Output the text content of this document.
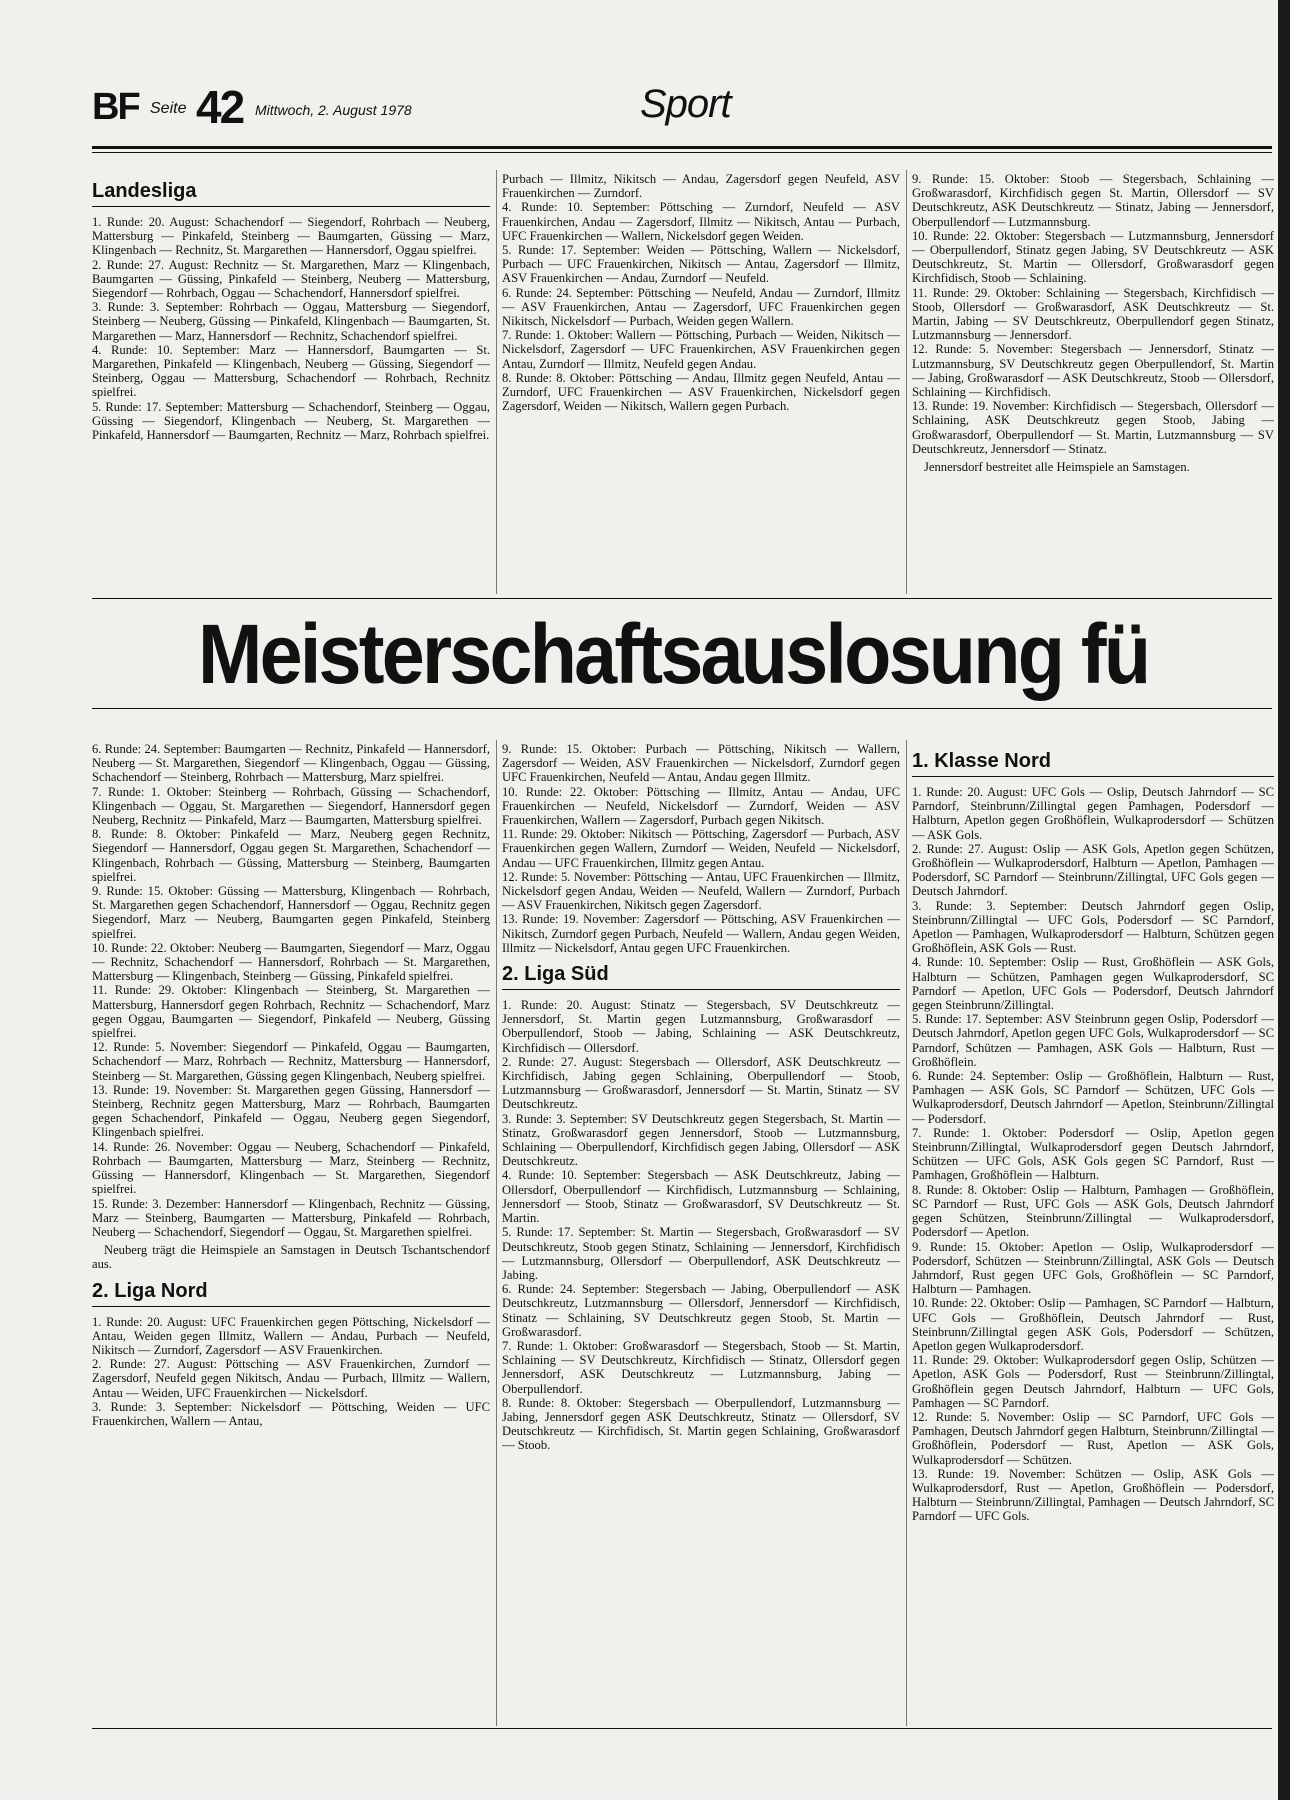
BF Seite 42 Mittwoch, 2. August 1978	Sport
Landesliga

1. Runde: 20. August: Schachendorf — Siegendorf, Rohrbach — Neuberg, Mattersburg — Pinkafeld, Steinberg — Baumgarten, Güssing — Marz, Klingenbach — Rechnitz, St. Margarethen — Hannersdorf, Oggau spielfrei.
2. Runde: 27. August: Rechnitz — St. Margarethen, Marz — Klingenbach, Baumgarten — Güssing, Pinkafeld — Steinberg, Neuberg — Mattersburg, Siegendorf — Rohrbach, Oggau — Schachendorf, Hannersdorf spielfrei.
3. Runde: 3. September: Rohrbach — Oggau, Mattersburg — Siegendorf, Steinberg — Neuberg, Güssing — Pinkafeld, Klingenbach — Baumgarten, St. Margarethen — Marz, Hannersdorf — Rechnitz, Schachendorf spielfrei.
4. Runde: 10. September: Marz — Hannersdorf, Baumgarten — St. Margarethen, Pinkafeld — Klingenbach, Neuberg — Güssing, Siegendorf — Steinberg, Oggau — Mattersburg, Schachendorf — Rohrbach, Rechnitz spielfrei.
5. Runde: 17. September: Mattersburg — Schachendorf, Steinberg — Oggau, Güssing — Siegendorf, Klingenbach — Neuberg, St. Margarethen — Pinkafeld, Hannersdorf — Baumgarten, Rechnitz — Marz, Rohrbach spielfrei.

Purbach — Illmitz, Nikitsch — Andau, Zagersdorf gegen Neufeld, ASV Frauenkirchen — Zurndorf.
4. Runde: 10. September: Pöttsching — Zurndorf, Neufeld — ASV Frauenkirchen, Andau — Zagersdorf, Illmitz — Nikitsch, Antau — Purbach, UFC Frauenkirchen — Wallern, Nickelsdorf gegen Weiden.
5. Runde: 17. September: Weiden — Pöttsching, Wallern — Nickelsdorf, Purbach — UFC Frauenkirchen, Nikitsch — Antau, Zagersdorf — Illmitz, ASV Frauenkirchen — Andau, Zurndorf — Neufeld.
6. Runde: 24. September: Pöttsching — Neufeld, Andau — Zurndorf, Illmitz — ASV Frauenkirchen, Antau — Zagersdorf, UFC Frauenkirchen gegen Nikitsch, Nickelsdorf — Purbach, Weiden gegen Wallern.
7. Runde: 1. Oktober: Wallern — Pöttsching, Purbach — Weiden, Nikitsch — Nickelsdorf, Zagersdorf — UFC Frauenkirchen, ASV Frauenkirchen gegen Antau, Zurndorf — Illmitz, Neufeld gegen Andau.
8. Runde: 8. Oktober: Pöttsching — Andau, Illmitz gegen Neufeld, Antau — Zurndorf, UFC Frauenkirchen — ASV Frauenkirchen, Nickelsdorf gegen Zagersdorf, Weiden — Nikitsch, Wallern gegen Purbach.

9. Runde: 15. Oktober: Stoob — Stegersbach, Schlaining — Großwarasdorf, Kirchfidisch gegen St. Martin, Ollersdorf — SV Deutschkreutz, ASK Deutschkreutz — Stinatz, Jabing — Jennersdorf, Oberpullendorf — Lutzmannsburg.
10. Runde: 22. Oktober: Stegersbach — Lutzmannsburg, Jennersdorf — Oberpullendorf, Stinatz gegen Jabing, SV Deutschkreutz — ASK Deutschkreutz, St. Martin — Ollersdorf, Großwarasdorf gegen Kirchfidisch, Stoob — Schlaining.
11. Runde: 29. Oktober: Schlaining — Stegersbach, Kirchfidisch — Stoob, Ollersdorf — Großwarasdorf, ASK Deutschkreutz — St. Martin, Jabing — SV Deutschkreutz, Oberpullendorf gegen Stinatz, Lutzmannsburg — Jennersdorf.
12. Runde: 5. November: Stegersbach — Jennersdorf, Stinatz — Lutzmannsburg, SV Deutschkreutz gegen Oberpullendorf, St. Martin — Jabing, Großwarasdorf — ASK Deutschkreutz, Stoob — Ollersdorf, Schlaining — Kirchfidisch.
13. Runde: 19. November: Kirchfidisch — Stegersbach, Ollersdorf — Schlaining, ASK Deutschkreutz gegen Stoob, Jabing — Großwarasdorf, Oberpullendorf — St. Martin, Lutzmannsburg — SV Deutschkreutz, Jennersdorf — Stinatz.

Jennersdorf bestreitet alle Heimspiele an Samstagen.

Meisterschaftsauslosung fü

6. Runde: 24. September: Baumgarten — Rechnitz, Pinkafeld — Hannersdorf, Neuberg — St. Margarethen, Siegendorf — Klingenbach, Oggau — Güssing, Schachendorf — Steinberg, Rohrbach — Mattersburg, Marz spielfrei.
7. Runde: 1. Oktober: Steinberg — Rohrbach, Güssing — Schachendorf, Klingenbach — Oggau, St. Margarethen — Siegendorf, Hannersdorf gegen Neuberg, Rechnitz — Pinkafeld, Marz — Baumgarten, Mattersburg spielfrei.
8. Runde: 8. Oktober: Pinkafeld — Marz, Neuberg gegen Rechnitz, Siegendorf — Hannersdorf, Oggau gegen St. Margarethen, Schachendorf — Klingenbach, Rohrbach — Güssing, Mattersburg — Steinberg, Baumgarten spielfrei.
9. Runde: 15. Oktober: Güssing — Mattersburg, Klingenbach — Rohrbach, St. Margarethen gegen Schachendorf, Hannersdorf — Oggau, Rechnitz gegen Siegendorf, Marz — Neuberg, Baumgarten gegen Pinkafeld, Steinberg spielfrei.
10. Runde: 22. Oktober: Neuberg — Baumgarten, Siegendorf — Marz, Oggau — Rechnitz, Schachendorf — Hannersdorf, Rohrbach — St. Margarethen, Mattersburg — Klingenbach, Steinberg — Güssing, Pinkafeld spielfrei.
11. Runde: 29. Oktober: Klingenbach — Steinberg, St. Margarethen — Mattersburg, Hannersdorf gegen Rohrbach, Rechnitz — Schachendorf, Marz gegen Oggau, Baumgarten — Siegendorf, Pinkafeld — Neuberg, Güssing spielfrei.
12. Runde: 5. November: Siegendorf — Pinkafeld, Oggau — Baumgarten, Schachendorf — Marz, Rohrbach — Rechnitz, Mattersburg — Hannersdorf, Steinberg — St. Margarethen, Güssing gegen Klingenbach, Neuberg spielfrei.
13. Runde: 19. November: St. Margarethen gegen Güssing, Hannersdorf — Steinberg, Rechnitz gegen Mattersburg, Marz — Rohrbach, Baumgarten gegen Schachendorf, Pinkafeld — Oggau, Neuberg gegen Siegendorf, Klingenbach spielfrei.
14. Runde: 26. November: Oggau — Neuberg, Schachendorf — Pinkafeld, Rohrbach — Baumgarten, Mattersburg — Marz, Steinberg — Rechnitz, Güssing — Hannersdorf, Klingenbach — St. Margarethen, Siegendorf spielfrei.
15. Runde: 3. Dezember: Hannersdorf — Klingenbach, Rechnitz — Güssing, Marz — Steinberg, Baumgarten — Mattersburg, Pinkafeld — Rohrbach, Neuberg — Schachendorf, Siegendorf — Oggau, St. Margarethen spielfrei.

Neuberg trägt die Heimspiele an Samstagen in Deutsch Tschantschendorf aus.

2. Liga Nord

1. Runde: 20. August: UFC Frauenkirchen gegen Pöttsching, Nickelsdorf — Antau, Weiden gegen Illmitz, Wallern — Andau, Purbach — Neufeld, Nikitsch — Zurndorf, Zagersdorf — ASV Frauenkirchen.
2. Runde: 27. August: Pöttsching — ASV Frauenkirchen, Zurndorf — Zagersdorf, Neufeld gegen Nikitsch, Andau — Purbach, Illmitz — Wallern, Antau — Weiden, UFC Frauenkirchen — Nickelsdorf.
3. Runde: 3. September: Nickelsdorf — Pöttsching, Weiden — UFC Frauenkirchen, Wallern — Antau,

9. Runde: 15. Oktober: Purbach — Pöttsching, Nikitsch — Wallern, Zagersdorf — Weiden, ASV Frauenkirchen — Nickelsdorf, Zurndorf gegen UFC Frauenkirchen, Neufeld — Antau, Andau gegen Illmitz.
10. Runde: 22. Oktober: Pöttsching — Illmitz, Antau — Andau, UFC Frauenkirchen — Neufeld, Nickelsdorf — Zurndorf, Weiden — ASV Frauenkirchen, Wallern — Zagersdorf, Purbach gegen Nikitsch.
11. Runde: 29. Oktober: Nikitsch — Pöttsching, Zagersdorf — Purbach, ASV Frauenkirchen gegen Wallern, Zurndorf — Weiden, Neufeld — Nickelsdorf, Andau — UFC Frauenkirchen, Illmitz gegen Antau.
12. Runde: 5. November: Pöttsching — Antau, UFC Frauenkirchen — Illmitz, Nickelsdorf gegen Andau, Weiden — Neufeld, Wallern — Zurndorf, Purbach — ASV Frauenkirchen, Nikitsch gegen Zagersdorf.
13. Runde: 19. November: Zagersdorf — Pöttsching, ASV Frauenkirchen — Nikitsch, Zurndorf gegen Purbach, Neufeld — Wallern, Andau gegen Weiden, Illmitz — Nickelsdorf, Antau gegen UFC Frauenkirchen.

2. Liga Süd

1. Runde: 20. August: Stinatz — Stegersbach, SV Deutschkreutz — Jennersdorf, St. Martin gegen Lutzmannsburg, Großwarasdorf — Oberpullendorf, Stoob — Jabing, Schlaining — ASK Deutschkreutz, Kirchfidisch — Ollersdorf.
2. Runde: 27. August: Stegersbach — Ollersdorf, ASK Deutschkreutz — Kirchfidisch, Jabing gegen Schlaining, Oberpullendorf — Stoob, Lutzmannsburg — Großwarasdorf, Jennersdorf — St. Martin, Stinatz — SV Deutschkreutz.
3. Runde: 3. September: SV Deutschkreutz gegen Stegersbach, St. Martin — Stinatz, Großwarasdorf gegen Jennersdorf, Stoob — Lutzmannsburg, Schlaining — Oberpullendorf, Kirchfidisch gegen Jabing, Ollersdorf — ASK Deutschkreutz.
4. Runde: 10. September: Stegersbach — ASK Deutschkreutz, Jabing — Ollersdorf, Oberpullendorf — Kirchfidisch, Lutzmannsburg — Schlaining, Jennersdorf — Stoob, Stinatz — Großwarasdorf, SV Deutschkreutz — St. Martin.
5. Runde: 17. September: St. Martin — Stegersbach, Großwarasdorf — SV Deutschkreutz, Stoob gegen Stinatz, Schlaining — Jennersdorf, Kirchfidisch — Lutzmannsburg, Ollersdorf — Oberpullendorf, ASK Deutschkreutz — Jabing.
6. Runde: 24. September: Stegersbach — Jabing, Oberpullendorf — ASK Deutschkreutz, Lutzmannsburg — Ollersdorf, Jennersdorf — Kirchfidisch, Stinatz — Schlaining, SV Deutschkreutz gegen Stoob, St. Martin — Großwarasdorf.
7. Runde: 1. Oktober: Großwarasdorf — Stegersbach, Stoob — St. Martin, Schlaining — SV Deutschkreutz, Kirchfidisch — Stinatz, Ollersdorf gegen Jennersdorf, ASK Deutschkreutz — Lutzmannsburg, Jabing — Oberpullendorf.
8. Runde: 8. Oktober: Stegersbach — Oberpullendorf, Lutzmannsburg — Jabing, Jennersdorf gegen ASK Deutschkreutz, Stinatz — Ollersdorf, SV Deutschkreutz — Kirchfidisch, St. Martin gegen Schlaining, Großwarasdorf — Stoob.

1. Klasse Nord

1. Runde: 20. August: UFC Gols — Oslip, Deutsch Jahrndorf — SC Parndorf, Steinbrunn/Zillingtal gegen Pamhagen, Podersdorf — Halbturn, Apetlon gegen Großhöflein, Wulkaprodersdorf — Schützen — ASK Gols.
2. Runde: 27. August: Oslip — ASK Gols, Apetlon gegen Schützen, Großhöflein — Wulkaprodersdorf, Halbturn — Apetlon, Pamhagen — Podersdorf, SC Parndorf — Steinbrunn/Zillingtal, UFC Gols gegen — Deutsch Jahrndorf.
3. Runde: 3. September: Deutsch Jahrndorf gegen Oslip, Steinbrunn/Zillingtal — UFC Gols, Podersdorf — SC Parndorf, Apetlon — Pamhagen, Wulkaprodersdorf — Halbturn, Schützen gegen Großhöflein, ASK Gols — Rust.
4. Runde: 10. September: Oslip — Rust, Großhöflein — ASK Gols, Halbturn — Schützen, Pamhagen gegen Wulkaprodersdorf, SC Parndorf — Apetlon, UFC Gols — Podersdorf, Deutsch Jahrndorf gegen Steinbrunn/Zillingtal.
5. Runde: 17. September: ASV Steinbrunn gegen Oslip, Podersdorf — Deutsch Jahrndorf, Apetlon gegen UFC Gols, Wulkaprodersdorf — SC Parndorf, Schützen — Pamhagen, ASK Gols — Halbturn, Rust — Großhöflein.
6. Runde: 24. September: Oslip — Großhöflein, Halbturn — Rust, Pamhagen — ASK Gols, SC Parndorf — Schützen, UFC Gols — Wulkaprodersdorf, Deutsch Jahrndorf — Apetlon, Steinbrunn/Zillingtal — Podersdorf.
7. Runde: 1. Oktober: Podersdorf — Oslip, Apetlon gegen Steinbrunn/Zillingtal, Wulkaprodersdorf gegen Deutsch Jahrndorf, Schützen — UFC Gols, ASK Gols gegen SC Parndorf, Rust — Pamhagen, Großhöflein — Halbturn.
8. Runde: 8. Oktober: Oslip — Halbturn, Pamhagen — Großhöflein, SC Parndorf — Rust, UFC Gols — ASK Gols, Deutsch Jahrndorf gegen Schützen, Steinbrunn/Zillingtal — Wulkaprodersdorf, Podersdorf — Apetlon.
9. Runde: 15. Oktober: Apetlon — Oslip, Wulkaprodersdorf — Podersdorf, Schützen — Steinbrunn/Zillingtal, ASK Gols — Deutsch Jahrndorf, Rust gegen UFC Gols, Großhöflein — SC Parndorf, Halbturn — Pamhagen.
10. Runde: 22. Oktober: Oslip — Pamhagen, SC Parndorf — Halbturn, UFC Gols — Großhöflein, Deutsch Jahrndorf — Rust, Steinbrunn/Zillingtal gegen ASK Gols, Podersdorf — Schützen, Apetlon gegen Wulkaprodersdorf.
11. Runde: 29. Oktober: Wulkaprodersdorf gegen Oslip, Schützen — Apetlon, ASK Gols — Podersdorf, Rust — Steinbrunn/Zillingtal, Großhöflein gegen Deutsch Jahrndorf, Halbturn — UFC Gols, Pamhagen — SC Parndorf.
12. Runde: 5. November: Oslip — SC Parndorf, UFC Gols — Pamhagen, Deutsch Jahrndorf gegen Halbturn, Steinbrunn/Zillingtal — Großhöflein, Podersdorf — Rust, Apetlon — ASK Gols, Wulkaprodersdorf — Schützen.
13. Runde: 19. November: Schützen — Oslip, ASK Gols — Wulkaprodersdorf, Rust — Apetlon, Großhöflein — Podersdorf, Halbturn — Steinbrunn/Zillingtal, Pamhagen — Deutsch Jahrndorf, SC Parndorf — UFC Gols.
